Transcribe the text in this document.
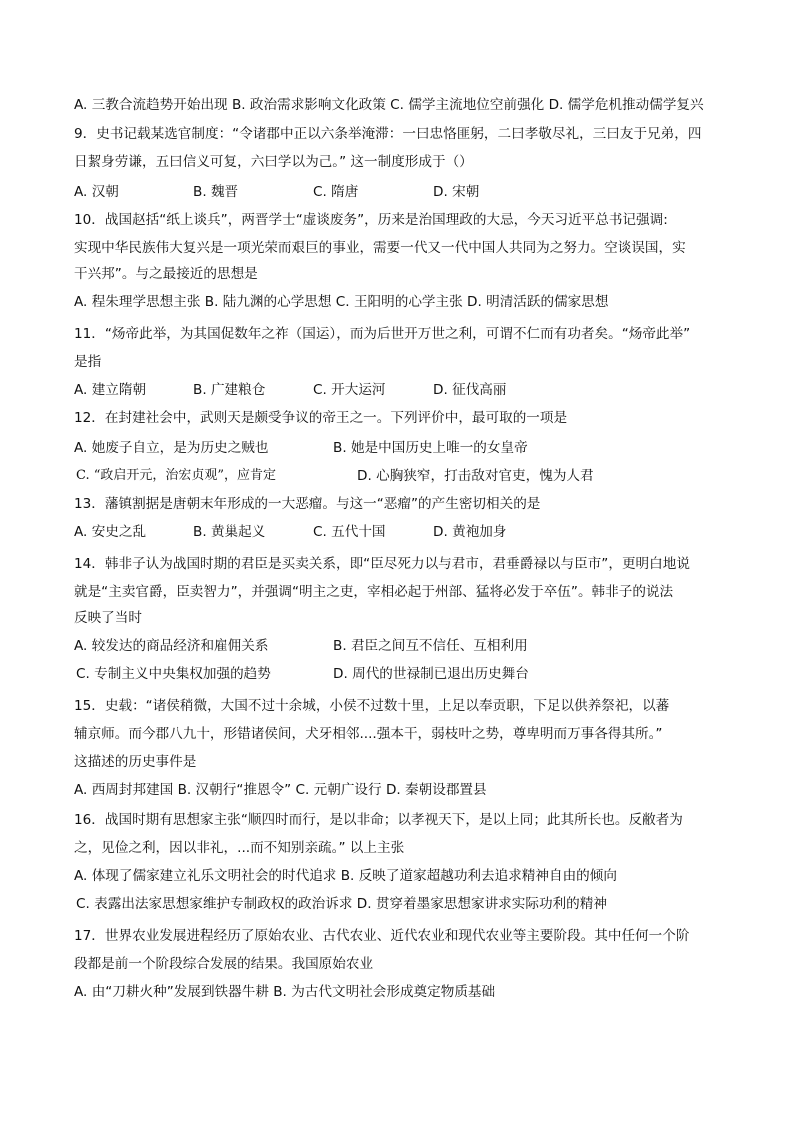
A. 三教合流趋势开始出现 B. 政治需求影响文化政策 C. 儒学主流地位空前强化 D. 儒学危机推动儒学复兴
9．史书记载某选官制度：“令诸郡中正以六条举淹滞：一曰忠恪匪躬，二曰孝敬尽礼，三曰友于兄弟，四
日絜身劳谦，五曰信义可复，六曰学以为己。” 这一制度形成于（）
A. 汉朝	B. 魏晋	C. 隋唐	D. 宋朝
10．战国赵括“纸上谈兵”，两晋学士“虚谈废务”，历来是治国理政的大忌，今天习近平总书记强调:
实现中华民族伟大复兴是一项光荣而艰巨的事业，需要一代又一代中国人共同为之努力。空谈误国，实
干兴邦”。与之最接近的思想是
A. 程朱理学思想主张 B. 陆九渊的心学思想 C. 王阳明的心学主张 D. 明清活跃的儒家思想
11．“炀帝此举，为其国促数年之祚（国运），而为后世开万世之利，可谓不仁而有功者矣。“炀帝此举”
是指
A. 建立隋朝	B. 广建粮仓	C. 开大运河	D. 征伐高丽
12．在封建社会中，武则天是颇受争议的帝王之一。下列评价中，最可取的一项是
A. 她废子自立，是为历史之贼也	B. 她是中国历史上唯一的女皇帝
C. “政启开元，治宏贞观”，应肯定	D. 心胸狭窄，打击敌对官吏，愧为人君
13．藩镇割据是唐朝末年形成的一大恶瘤。与这一“恶瘤”的产生密切相关的是
A. 安史之乱	B. 黄巢起义	C. 五代十国	D. 黄袍加身
14．韩非子认为战国时期的君臣是买卖关系，即“臣尽死力以与君市，君垂爵禄以与臣市”，更明白地说
就是“主卖官爵，臣卖智力”，并强调“明主之吏，宰相必起于州部、猛将必发于卒伍”。韩非子的说法
反映了当时
A. 较发达的商品经济和雇佣关系	B. 君臣之间互不信任、互相利用
C. 专制主义中央集权加强的趋势	D. 周代的世禄制已退出历史舞台
15．史载：“诸侯稍微，大国不过十余城，小侯不过数十里，上足以奉贡职，下足以供养祭祀，以蕃
辅京师。而今郡八九十，形错诸侯间，犬牙相邻....强本干，弱枝叶之势，尊卑明而万事各得其所。”
这描述的历史事件是
A. 西周封邦建国 B. 汉朝行“推恩令” C. 元朝广设行 D. 秦朝设郡置县
16．战国时期有思想家主张“顺四时而行，是以非命；以孝视天下，是以上同；此其所长也。反敝者为
之，见俭之利，因以非礼，...而不知别亲疏。” 以上主张
A. 体现了儒家建立礼乐文明社会的时代追求 B. 反映了道家超越功利去追求精神自由的倾向
C. 表露出法家思想家维护专制政权的政治诉求 D. 贯穿着墨家思想家讲求实际功利的精神
17．世界农业发展进程经历了原始农业、古代农业、近代农业和现代农业等主要阶段。其中任何一个阶
段都是前一个阶段综合发展的结果。我国原始农业
A. 由“刀耕火种”发展到铁器牛耕 B. 为古代文明社会形成奠定物质基础
